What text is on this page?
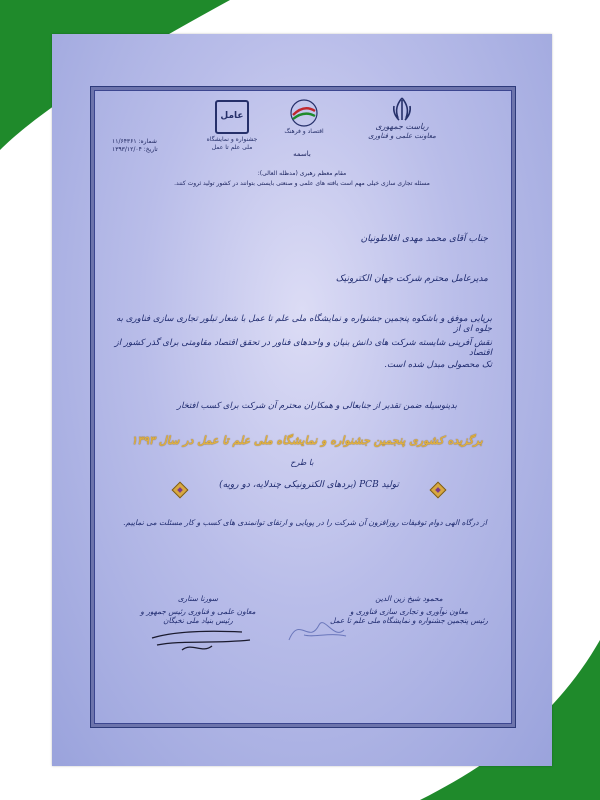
عامل
جشنواره و نمایشگاه ملی علم تا عمل
اقتصاد و فرهنگ
ریاست جمهوری
معاونت علمی و فناوری
شماره: ۱۱/۶۴۳۶۱
تاریخ: ۱۳۹۳/۱۲/۰۴
باسمه
مقام معظم رهبری (مدظله العالی):
مسئله تجاری سازی خیلی مهم است یافته های علمی و صنعتی بایستی بتوانند در کشور تولید ثروت کنند.
جناب آقای محمد مهدی افلاطونیان
مدیرعامل محترم شرکت جهان الکترونیک
برپایی موفق و باشکوه پنجمین جشنواره و نمایشگاه ملی علم تا عمل با شعار تبلور تجاری سازی فناوری به جلوه ای از
نقش آفرینی شایسته شرکت های دانش بنیان و واحدهای فناور در تحقق اقتصاد مقاومتی برای گذر کشور از اقتصاد
تک محصولی مبدل شده است.
بدینوسیله ضمن تقدیر از جنابعالی و همکاران محترم آن شرکت برای کسب افتخار
برگزیده کشوری پنجمین جشنواره و نمایشگاه ملی علم تا عمل در سال ۱۳۹۳
با طرح
تولید PCB (بردهای الکترونیکی چندلایه، دو رویه)
از درگاه الهی دوام توفیقات روزافزون آن شرکت را در پویایی و ارتقای توانمندی های کسب و کار مسئلت می نماییم.
محمود شیخ زین الدین
معاون نوآوری و تجاری سازی فناوری و
رئیس پنجمین جشنواره و نمایشگاه ملی علم تا عمل
سورنا ستاری
معاون علمی و فناوری رئیس جمهور و
رئیس بنیاد ملی نخبگان
